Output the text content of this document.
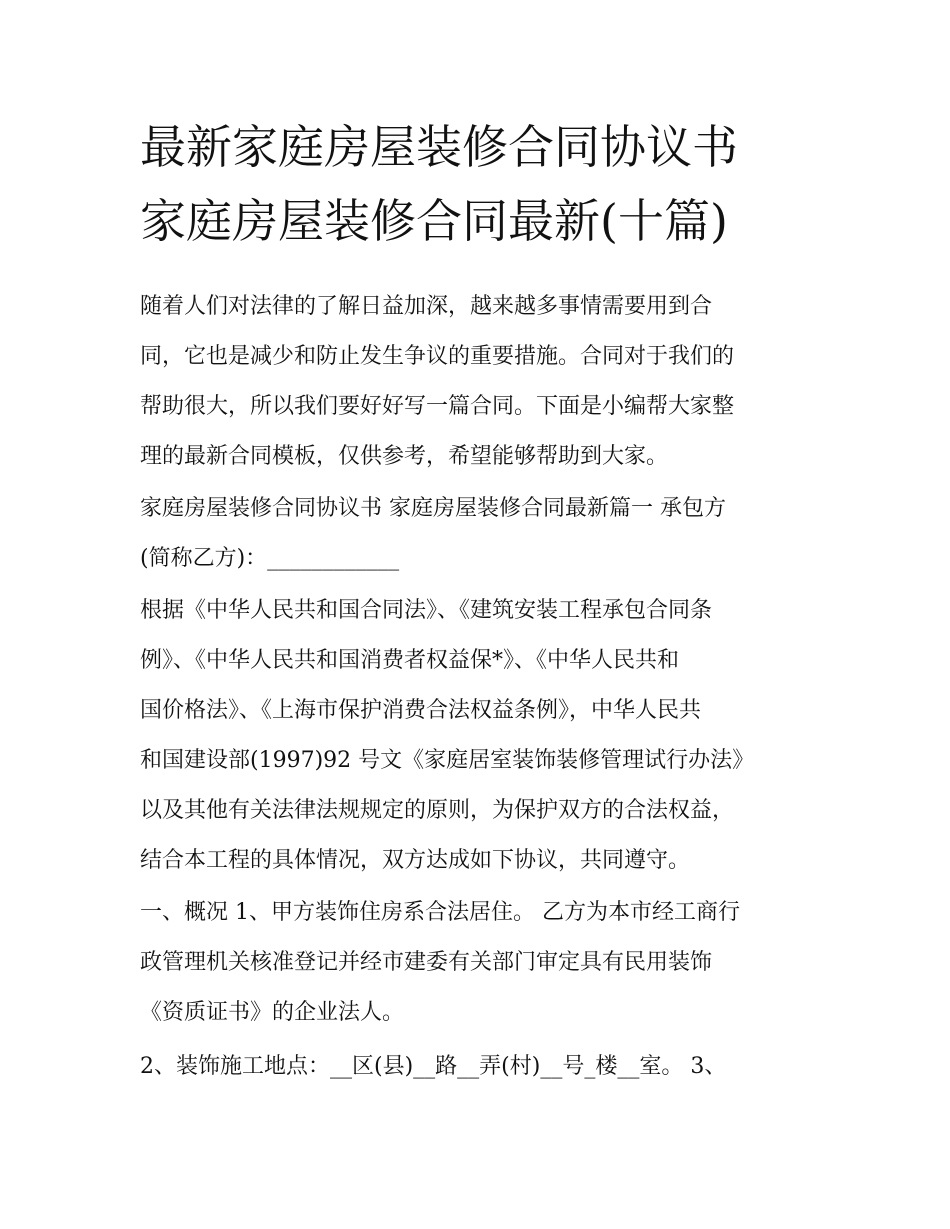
最新家庭房屋装修合同协议书
家庭房屋装修合同最新(十篇)

随着人们对法律的了解日益加深，越来越多事情需要用到合
同，它也是减少和防止发生争议的重要措施。合同对于我们的
帮助很大，所以我们要好好写一篇合同。下面是小编帮大家整
理的最新合同模板，仅供参考，希望能够帮助到大家。

家庭房屋装修合同协议书 家庭房屋装修合同最新篇一 承包方
(简称乙方)：____________

根据《中华人民共和国合同法》、《建筑安装工程承包合同条
例》、《中华人民共和国消费者权益保*》、《中华人民共和
国价格法》、《上海市保护消费合法权益条例》，中华人民共
和国建设部(1997)92 号文《家庭居室装饰装修管理试行办法》
以及其他有关法律法规规定的原则，为保护双方的合法权益，
结合本工程的具体情况，双方达成如下协议，共同遵守。

一、概况 1、甲方装饰住房系合法居住。 乙方为本市经工商行
政管理机关核准登记并经市建委有关部门审定具有民用装饰
《资质证书》的企业法人。

2、装饰施工地点：__区(县)__路__弄(村)__号_楼__室。 3、
